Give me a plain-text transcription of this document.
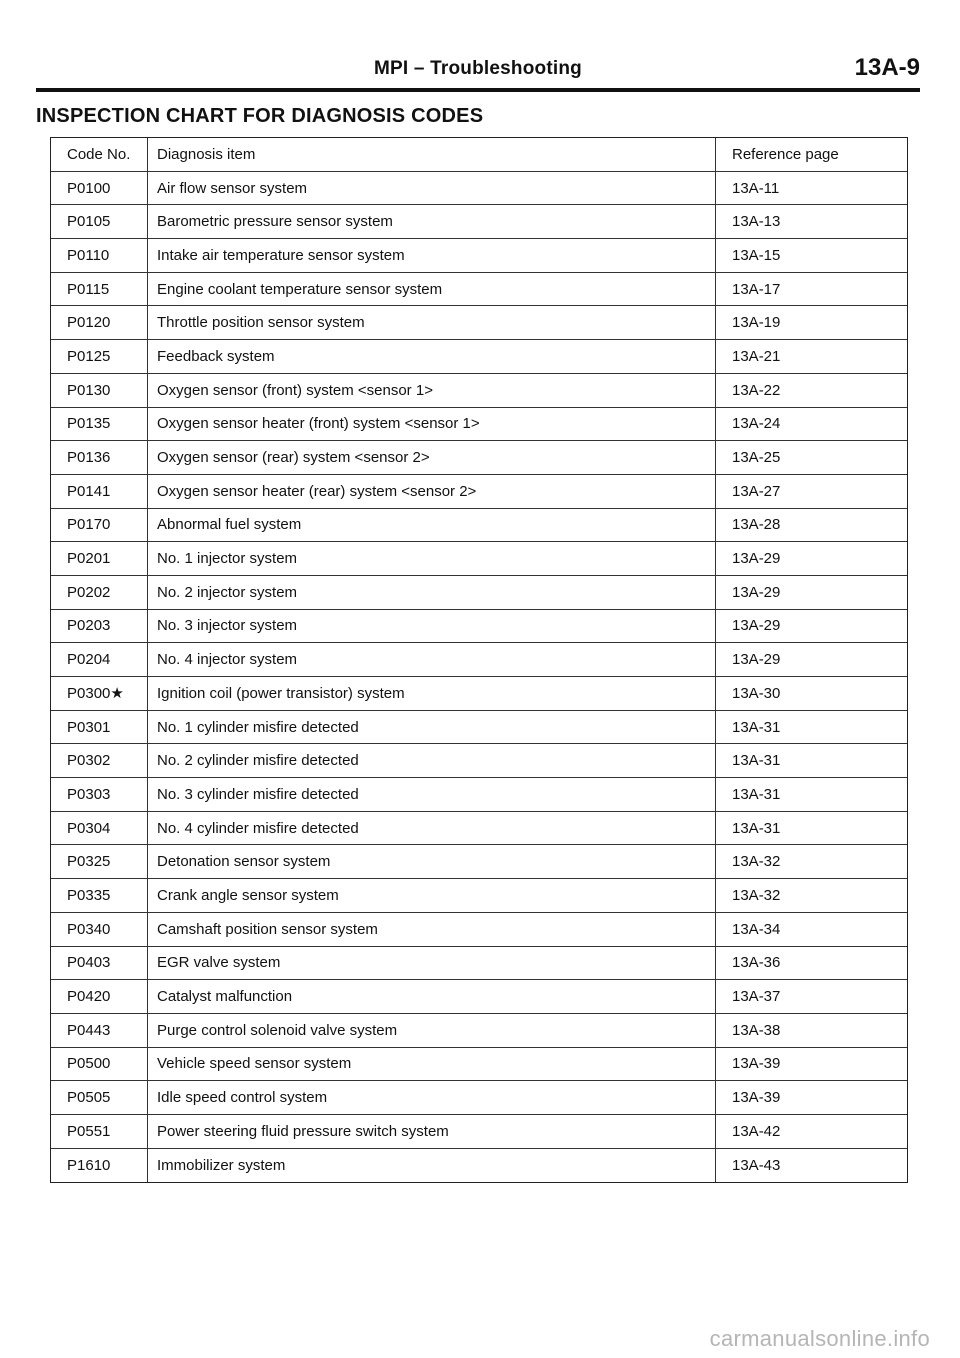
MPI – Troubleshooting	13A-9
INSPECTION CHART FOR DIAGNOSIS CODES
Code No.	Diagnosis item	Reference page
P0100	Air flow sensor system	13A-11
P0105	Barometric pressure sensor system	13A-13
P0110	Intake air temperature sensor system	13A-15
P0115	Engine coolant temperature sensor system	13A-17
P0120	Throttle position sensor system	13A-19
P0125	Feedback system	13A-21
P0130	Oxygen sensor (front) system <sensor 1>	13A-22
P0135	Oxygen sensor heater (front) system <sensor 1>	13A-24
P0136	Oxygen sensor (rear) system <sensor 2>	13A-25
P0141	Oxygen sensor heater (rear) system <sensor 2>	13A-27
P0170	Abnormal fuel system	13A-28
P0201	No. 1 injector system	13A-29
P0202	No. 2 injector system	13A-29
P0203	No. 3 injector system	13A-29
P0204	No. 4 injector system	13A-29
P0300★	Ignition coil (power transistor) system	13A-30
P0301	No. 1 cylinder misfire detected	13A-31
P0302	No. 2 cylinder misfire detected	13A-31
P0303	No. 3 cylinder misfire detected	13A-31
P0304	No. 4 cylinder misfire detected	13A-31
P0325	Detonation sensor system	13A-32
P0335	Crank angle sensor system	13A-32
P0340	Camshaft position sensor system	13A-34
P0403	EGR valve system	13A-36
P0420	Catalyst malfunction	13A-37
P0443	Purge control solenoid valve system	13A-38
P0500	Vehicle speed sensor system	13A-39
P0505	Idle speed control system	13A-39
P0551	Power steering fluid pressure switch system	13A-42
P1610	Immobilizer system	13A-43
carmanualsonline.info
